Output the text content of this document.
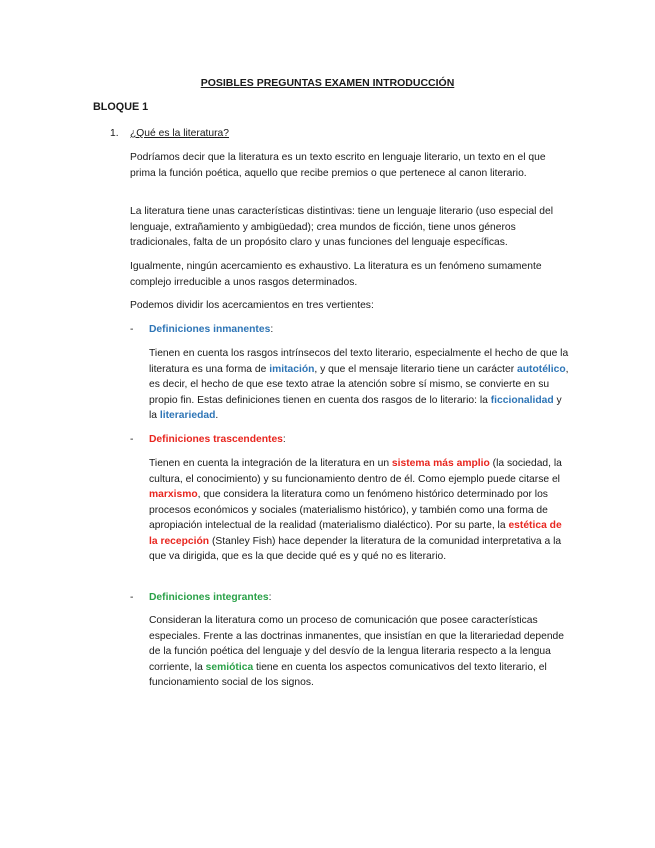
POSIBLES PREGUNTAS EXAMEN INTRODUCCIÓN
BLOQUE 1
1. ¿Qué es la literatura?

Podríamos decir que la literatura es un texto escrito en lenguaje literario, un texto en el que prima la función poética, aquello que recibe premios o que pertenece al canon literario.

La literatura tiene unas características distintivas: tiene un lenguaje literario (uso especial del lenguaje, extrañamiento y ambigüedad); crea mundos de ficción, tiene unos géneros tradicionales, falta de un propósito claro y unas funciones del lenguaje específicas.

Igualmente, ningún acercamiento es exhaustivo. La literatura es un fenómeno sumamente complejo irreducible a unos rasgos determinados.

Podemos dividir los acercamientos en tres vertientes:

- Definiciones inmanentes:

Tienen en cuenta los rasgos intrínsecos del texto literario, especialmente el hecho de que la literatura es una forma de imitación, y que el mensaje literario tiene un carácter autotélico, es decir, el hecho de que ese texto atrae la atención sobre sí mismo, se convierte en su propio fin. Estas definiciones tienen en cuenta dos rasgos de lo literario: la ficcionalidad y la literariedad.

- Definiciones trascendentes:

Tienen en cuenta la integración de la literatura en un sistema más amplio (la sociedad, la cultura, el conocimiento) y su funcionamiento dentro de él. Como ejemplo puede citarse el marxismo, que considera la literatura como un fenómeno histórico determinado por los procesos económicos y sociales (materialismo histórico), y también como una forma de apropiación intelectual de la realidad (materialismo dialéctico). Por su parte, la estética de la recepción (Stanley Fish) hace depender la literatura de la comunidad interpretativa a la que va dirigida, que es la que decide qué es y qué no es literario.

- Definiciones integrantes:

Consideran la literatura como un proceso de comunicación que posee características especiales. Frente a las doctrinas inmanentes, que insistían en que la literariedad depende de la función poética del lenguaje y del desvío de la lengua literaria respecto a la lengua corriente, la semiótica tiene en cuenta los aspectos comunicativos del texto literario, el funcionamiento social de los signos.
